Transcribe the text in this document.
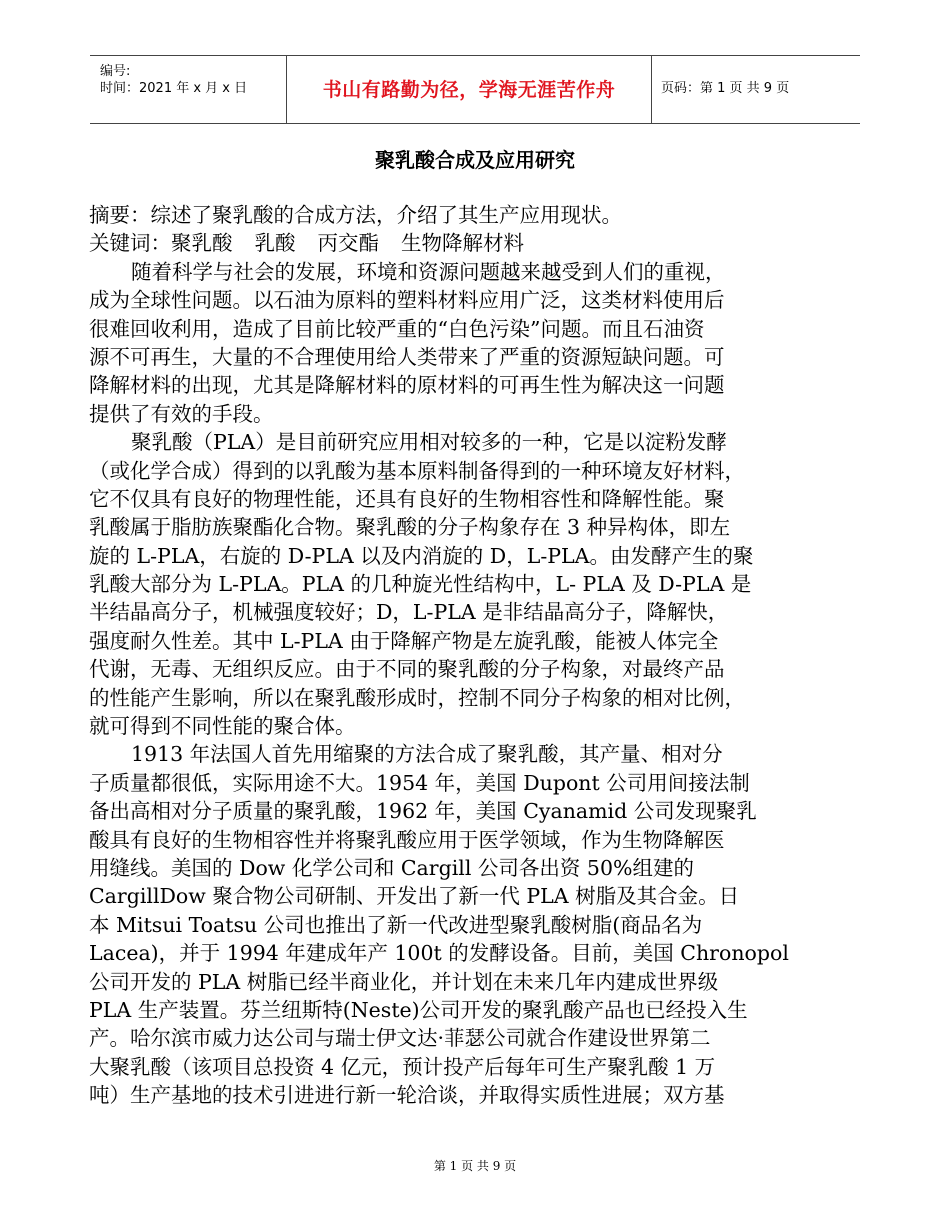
编号:
时间：2021 年 x 月 x 日	书山有路勤为径，学海无涯苦作舟	页码：第 1 页 共 9 页
聚乳酸合成及应用研究
摘要：综述了聚乳酸的合成方法，介绍了其生产应用现状。
关键词：聚乳酸 乳酸 丙交酯 生物降解材料
随着科学与社会的发展，环境和资源问题越来越受到人们的重视，
成为全球性问题。以石油为原料的塑料材料应用广泛，这类材料使用后
很难回收利用，造成了目前比较严重的“白色污染”问题。而且石油资
源不可再生，大量的不合理使用给人类带来了严重的资源短缺问题。可
降解材料的出现，尤其是降解材料的原材料的可再生性为解决这一问题
提供了有效的手段。
聚乳酸（PLA）是目前研究应用相对较多的一种，它是以淀粉发酵
（或化学合成）得到的以乳酸为基本原料制备得到的一种环境友好材料，
它不仅具有良好的物理性能，还具有良好的生物相容性和降解性能。聚
乳酸属于脂肪族聚酯化合物。聚乳酸的分子构象存在 3 种异构体，即左
旋的 L-PLA，右旋的 D-PLA 以及内消旋的 D，L-PLA。由发酵产生的聚
乳酸大部分为 L-PLA。PLA 的几种旋光性结构中，L- PLA 及 D-PLA 是
半结晶高分子，机械强度较好；D，L-PLA 是非结晶高分子，降解快，
强度耐久性差。其中 L-PLA 由于降解产物是左旋乳酸，能被人体完全
代谢，无毒、无组织反应。由于不同的聚乳酸的分子构象，对最终产品
的性能产生影响，所以在聚乳酸形成时，控制不同分子构象的相对比例，
就可得到不同性能的聚合体。
1913 年法国人首先用缩聚的方法合成了聚乳酸，其产量、相对分
子质量都很低，实际用途不大。1954 年，美国 Dupont 公司用间接法制
备出高相对分子质量的聚乳酸，1962 年，美国 Cyanamid 公司发现聚乳
酸具有良好的生物相容性并将聚乳酸应用于医学领域，作为生物降解医
用缝线。美国的 Dow 化学公司和 Cargill 公司各出资 50%组建的
CargillDow 聚合物公司研制、开发出了新一代 PLA 树脂及其合金。日
本 Mitsui Toatsu 公司也推出了新一代改进型聚乳酸树脂(商品名为
Lacea)，并于 1994 年建成年产 100t 的发酵设备。目前，美国 Chronopol
公司开发的 PLA 树脂已经半商业化，并计划在未来几年内建成世界级
PLA 生产装置。芬兰纽斯特(Neste)公司开发的聚乳酸产品也已经投入生
产。哈尔滨市威力达公司与瑞士伊文达·菲瑟公司就合作建设世界第二
大聚乳酸（该项目总投资 4 亿元，预计投产后每年可生产聚乳酸 1 万
吨）生产基地的技术引进进行新一轮洽谈，并取得实质性进展；双方基
第 1 页 共 9 页
